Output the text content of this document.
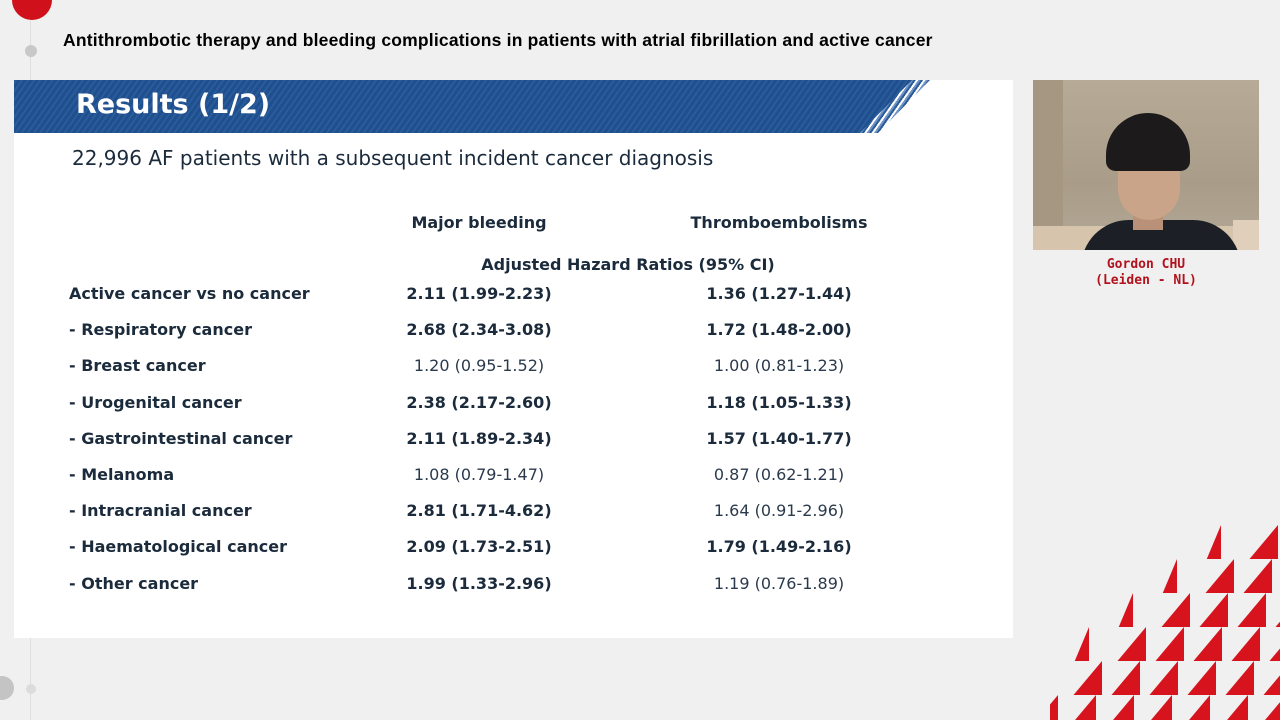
Antithrombotic therapy and bleeding complications in patients with atrial fibrillation and active cancer
Results (1/2)
22,996 AF patients with a subsequent incident cancer diagnosis
Major bleeding	Thromboembolisms
Adjusted Hazard Ratios (95% CI)
Active cancer vs no cancer	2.11 (1.99-2.23)	1.36 (1.27-1.44)
- Respiratory cancer	2.68 (2.34-3.08)	1.72 (1.48-2.00)
- Breast cancer	1.20 (0.95-1.52)	1.00 (0.81-1.23)
- Urogenital cancer	2.38 (2.17-2.60)	1.18 (1.05-1.33)
- Gastrointestinal cancer	2.11 (1.89-2.34)	1.57 (1.40-1.77)
- Melanoma	1.08 (0.79-1.47)	0.87 (0.62-1.21)
- Intracranial cancer	2.81 (1.71-4.62)	1.64 (0.91-2.96)
- Haematological cancer	2.09 (1.73-2.51)	1.79 (1.49-2.16)
- Other cancer	1.99 (1.33-2.96)	1.19 (0.76-1.89)
Gordon CHU
(Leiden - NL)
